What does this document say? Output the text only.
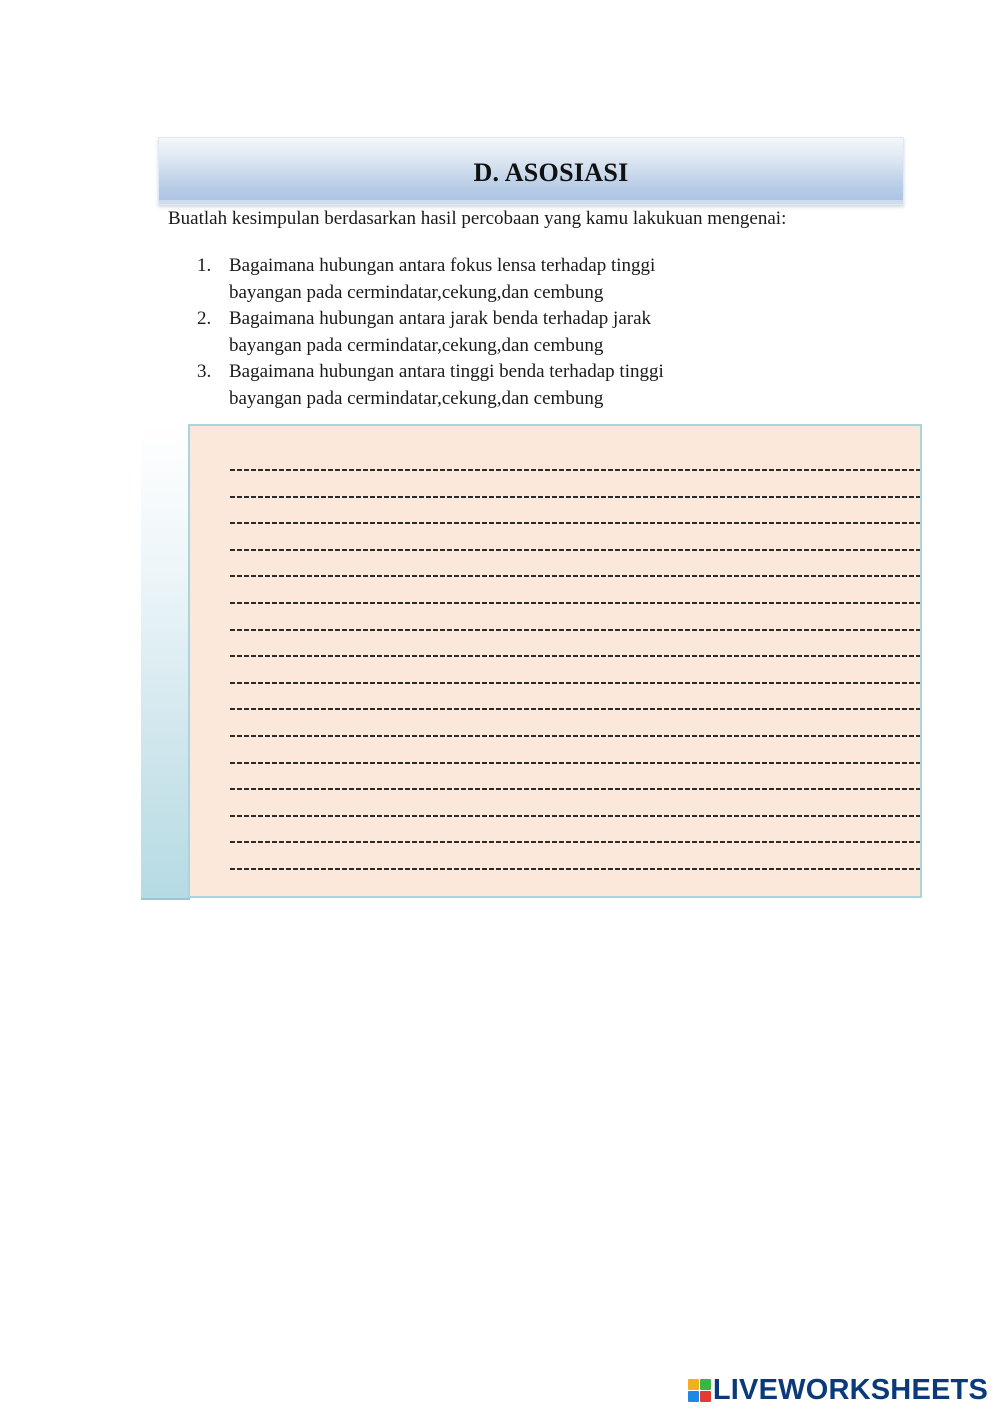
D. ASOSIASI
Buatlah kesimpulan berdasarkan hasil percobaan yang kamu lakukuan mengenai:
1. Bagaimana hubungan antara fokus lensa terhadap tinggi
bayangan pada cermindatar,cekung,dan cembung
2. Bagaimana hubungan antara jarak benda terhadap jarak
bayangan pada cermindatar,cekung,dan cembung
3. Bagaimana hubungan antara tinggi benda terhadap tinggi
bayangan pada cermindatar,cekung,dan cembung
LIVEWORKSHEETS
